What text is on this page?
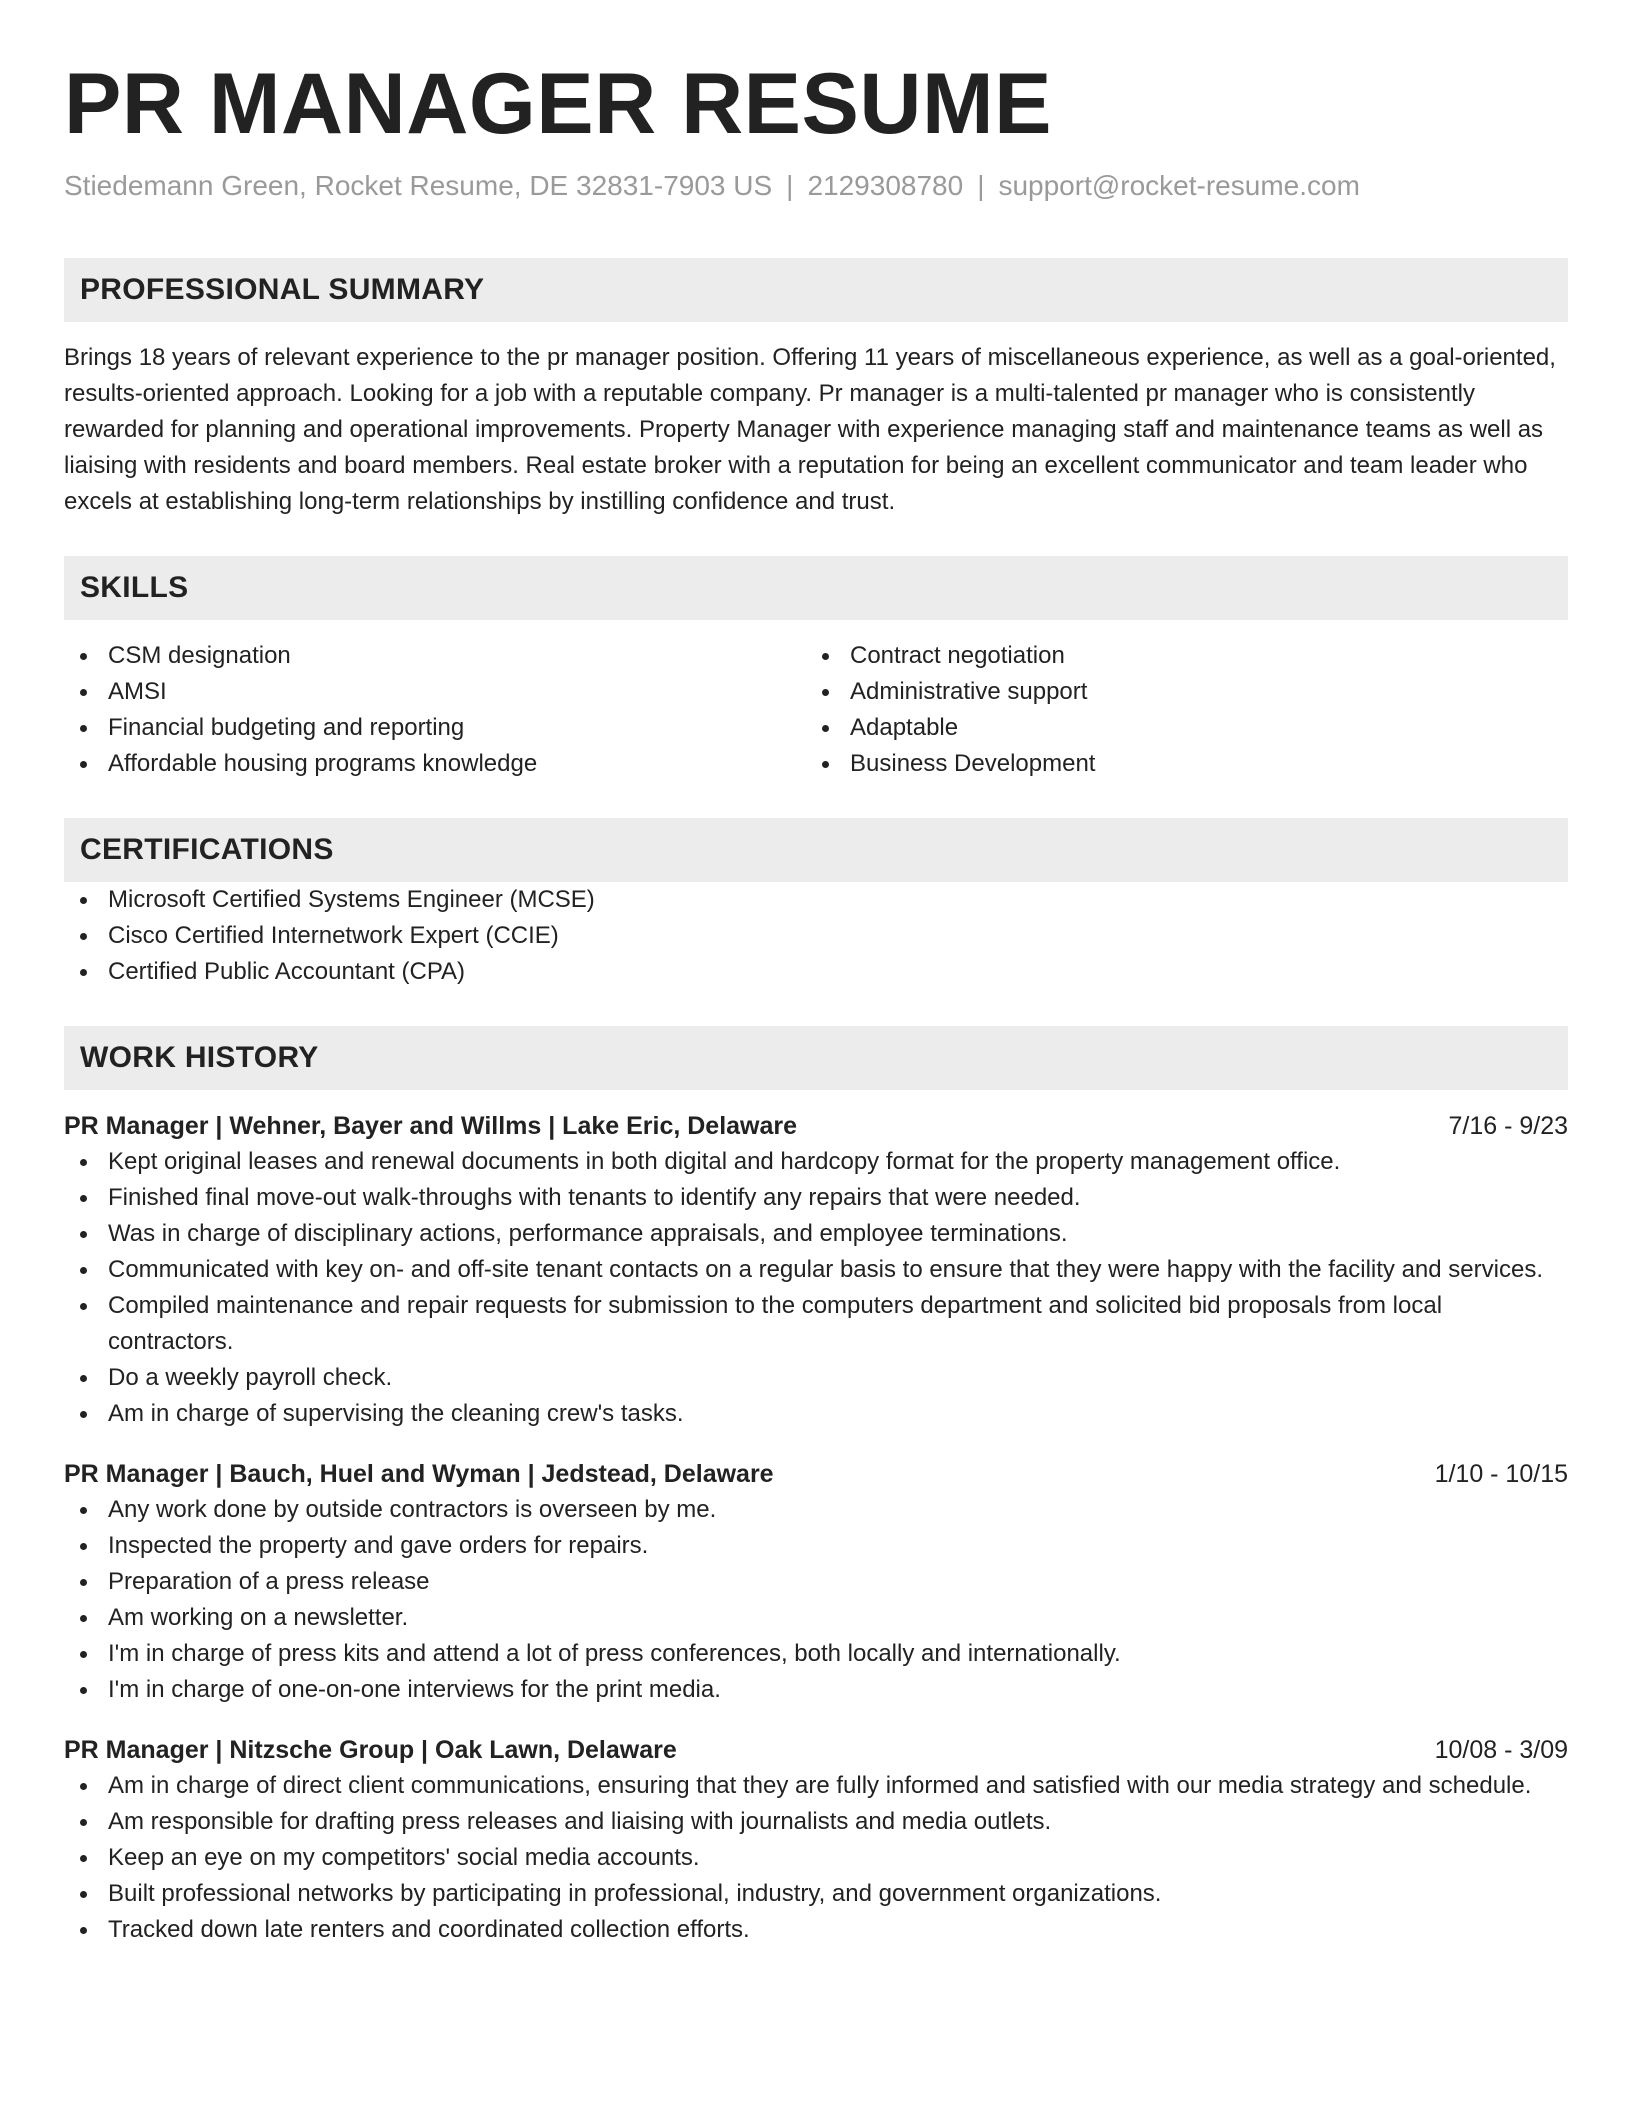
PR MANAGER RESUME
Stiedemann Green, Rocket Resume, DE 32831-7903 US | 2129308780 | support@rocket-resume.com
PROFESSIONAL SUMMARY

Brings 18 years of relevant experience to the pr manager position. Offering 11 years of miscellaneous experience, as well as a goal-oriented, results-oriented approach. Looking for a job with a reputable company. Pr manager is a multi-talented pr manager who is consistently rewarded for planning and operational improvements. Property Manager with experience managing staff and maintenance teams as well as liaising with residents and board members. Real estate broker with a reputation for being an excellent communicator and team leader who excels at establishing long-term relationships by instilling confidence and trust.

SKILLS
CSM designation
AMSI
Financial budgeting and reporting
Affordable housing programs knowledge
Contract negotiation
Administrative support
Adaptable
Business Development
CERTIFICATIONS
Microsoft Certified Systems Engineer (MCSE)
Cisco Certified Internetwork Expert (CCIE)
Certified Public Accountant (CPA)
WORK HISTORY
PR Manager | Wehner, Bayer and Willms | Lake Eric, Delaware	7/16 - 9/23
Kept original leases and renewal documents in both digital and hardcopy format for the property management office.
Finished final move-out walk-throughs with tenants to identify any repairs that were needed.
Was in charge of disciplinary actions, performance appraisals, and employee terminations.
Communicated with key on- and off-site tenant contacts on a regular basis to ensure that they were happy with the facility and services.
Compiled maintenance and repair requests for submission to the computers department and solicited bid proposals from local contractors.
Do a weekly payroll check.
Am in charge of supervising the cleaning crew's tasks.
PR Manager | Bauch, Huel and Wyman | Jedstead, Delaware	1/10 - 10/15
Any work done by outside contractors is overseen by me.
Inspected the property and gave orders for repairs.
Preparation of a press release
Am working on a newsletter.
I'm in charge of press kits and attend a lot of press conferences, both locally and internationally.
I'm in charge of one-on-one interviews for the print media.
PR Manager | Nitzsche Group | Oak Lawn, Delaware	10/08 - 3/09
Am in charge of direct client communications, ensuring that they are fully informed and satisfied with our media strategy and schedule.
Am responsible for drafting press releases and liaising with journalists and media outlets.
Keep an eye on my competitors' social media accounts.
Built professional networks by participating in professional, industry, and government organizations.
Tracked down late renters and coordinated collection efforts.
